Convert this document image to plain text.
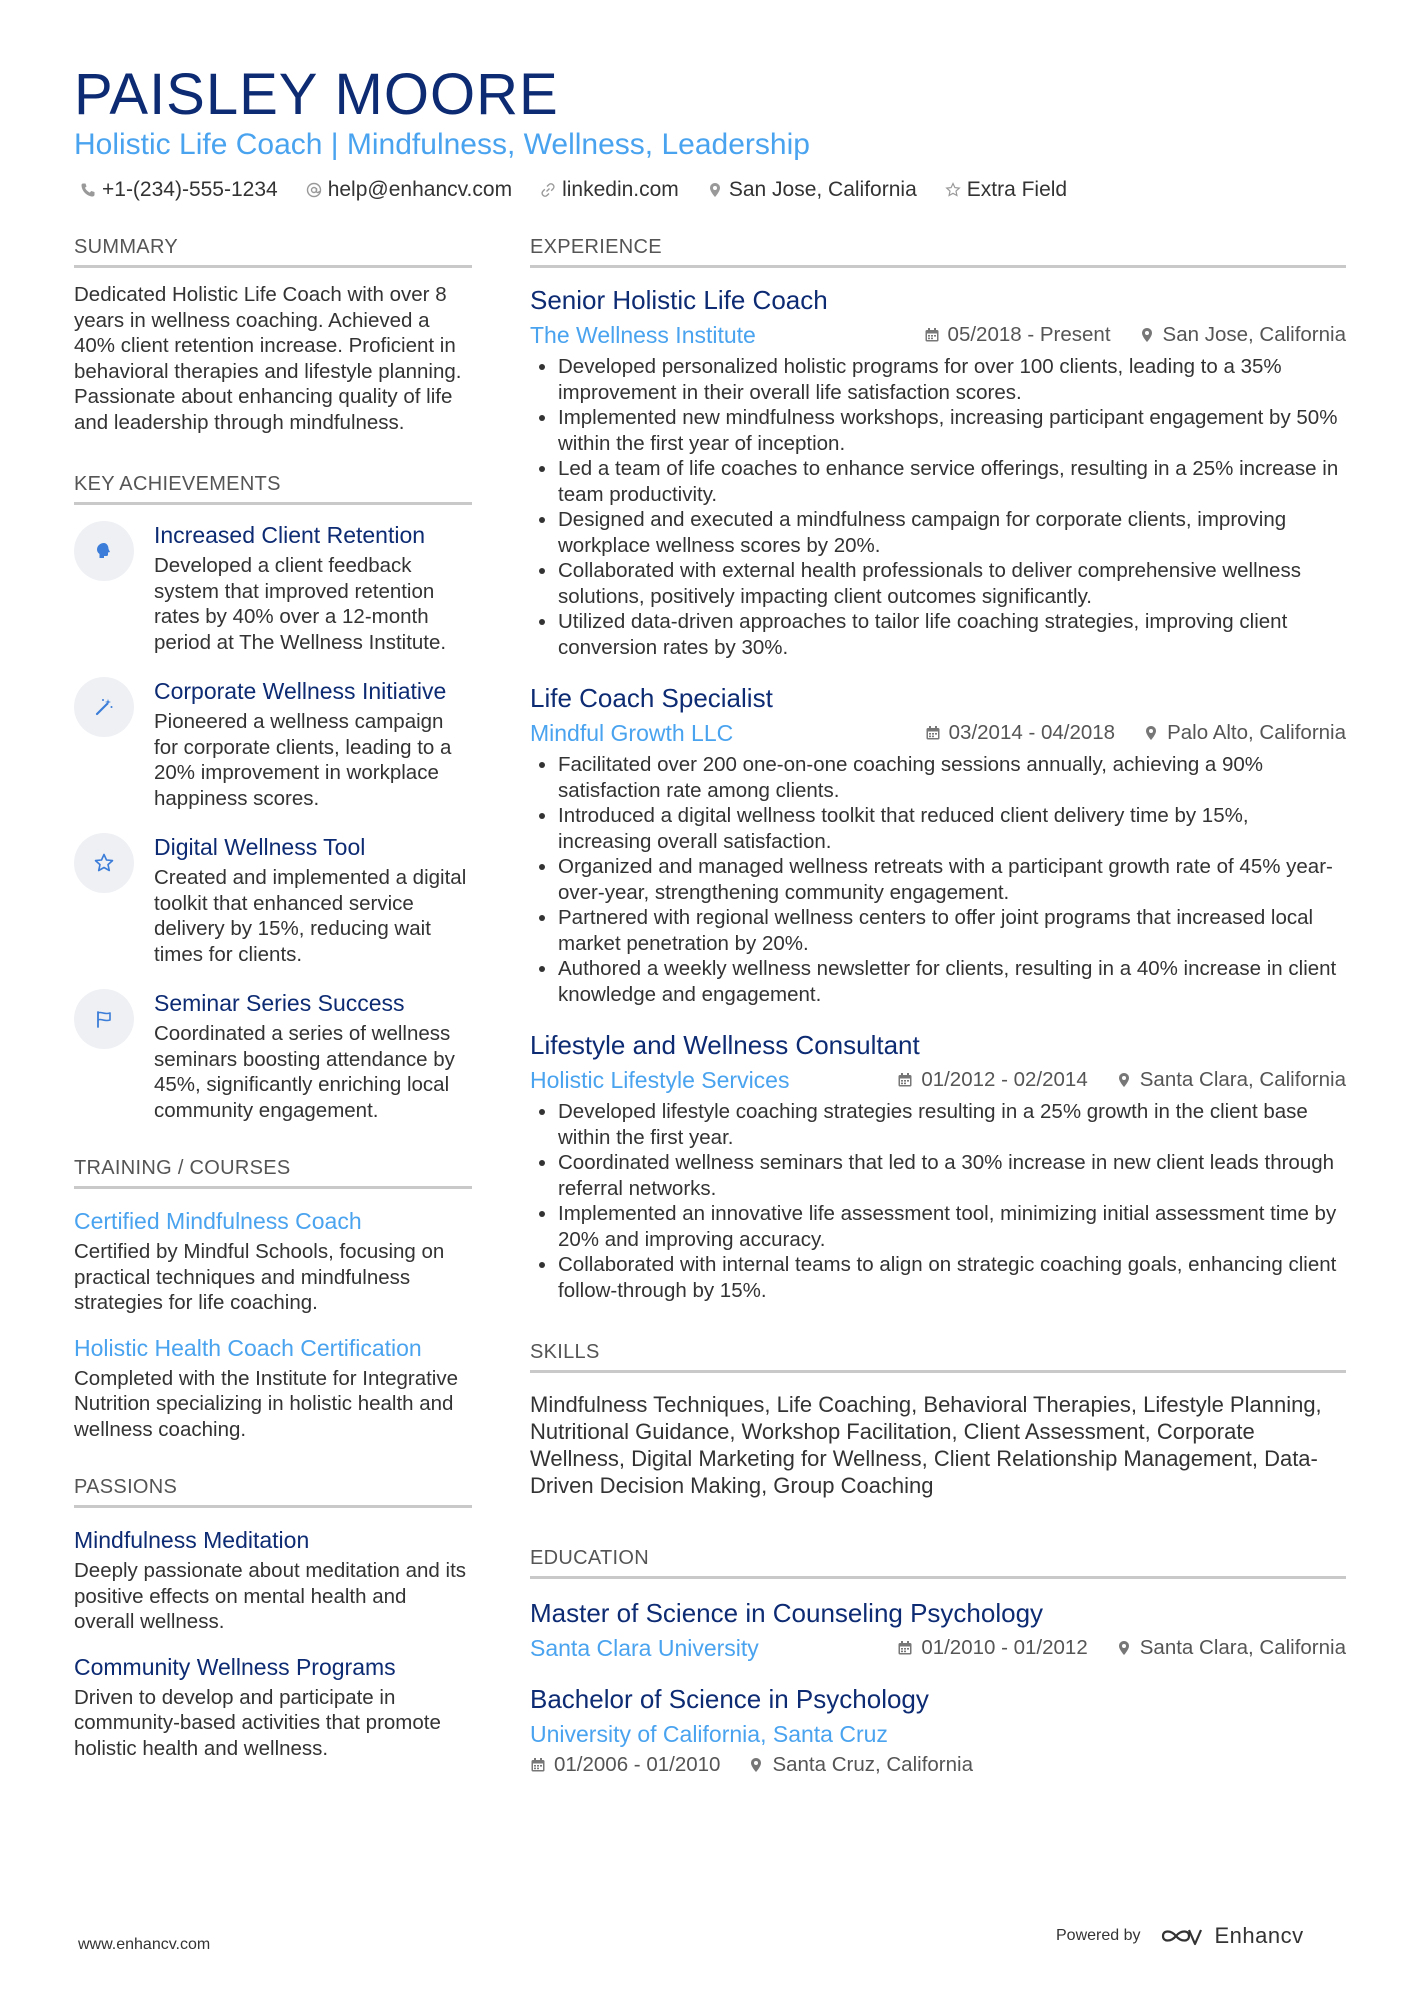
PAISLEY MOORE
Holistic Life Coach | Mindfulness, Wellness, Leadership
+1-(234)-555-1234 help@enhancv.com linkedin.com San Jose, California Extra Field
SUMMARY
Dedicated Holistic Life Coach with over 8 years in wellness coaching. Achieved a 40% client retention increase. Proficient in behavioral therapies and lifestyle planning. Passionate about enhancing quality of life and leadership through mindfulness.
KEY ACHIEVEMENTS
Increased Client Retention
Developed a client feedback system that improved retention rates by 40% over a 12-month period at The Wellness Institute.
Corporate Wellness Initiative
Pioneered a wellness campaign for corporate clients, leading to a 20% improvement in workplace happiness scores.
Digital Wellness Tool
Created and implemented a digital toolkit that enhanced service delivery by 15%, reducing wait times for clients.
Seminar Series Success
Coordinated a series of wellness seminars boosting attendance by 45%, significantly enriching local community engagement.
TRAINING / COURSES
Certified Mindfulness Coach
Certified by Mindful Schools, focusing on practical techniques and mindfulness strategies for life coaching.
Holistic Health Coach Certification
Completed with the Institute for Integrative Nutrition specializing in holistic health and wellness coaching.
PASSIONS
Mindfulness Meditation
Deeply passionate about meditation and its positive effects on mental health and overall wellness.
Community Wellness Programs
Driven to develop and participate in community-based activities that promote holistic health and wellness.
EXPERIENCE
Senior Holistic Life Coach
The Wellness Institute	05/2018 - Present	San Jose, California
• Developed personalized holistic programs for over 100 clients, leading to a 35% improvement in their overall life satisfaction scores.
• Implemented new mindfulness workshops, increasing participant engagement by 50% within the first year of inception.
• Led a team of life coaches to enhance service offerings, resulting in a 25% increase in team productivity.
• Designed and executed a mindfulness campaign for corporate clients, improving workplace wellness scores by 20%.
• Collaborated with external health professionals to deliver comprehensive wellness solutions, positively impacting client outcomes significantly.
• Utilized data-driven approaches to tailor life coaching strategies, improving client conversion rates by 30%.
Life Coach Specialist
Mindful Growth LLC	03/2014 - 04/2018	Palo Alto, California
• Facilitated over 200 one-on-one coaching sessions annually, achieving a 90% satisfaction rate among clients.
• Introduced a digital wellness toolkit that reduced client delivery time by 15%, increasing overall satisfaction.
• Organized and managed wellness retreats with a participant growth rate of 45% year-over-year, strengthening community engagement.
• Partnered with regional wellness centers to offer joint programs that increased local market penetration by 20%.
• Authored a weekly wellness newsletter for clients, resulting in a 40% increase in client knowledge and engagement.
Lifestyle and Wellness Consultant
Holistic Lifestyle Services	01/2012 - 02/2014	Santa Clara, California
• Developed lifestyle coaching strategies resulting in a 25% growth in the client base within the first year.
• Coordinated wellness seminars that led to a 30% increase in new client leads through referral networks.
• Implemented an innovative life assessment tool, minimizing initial assessment time by 20% and improving accuracy.
• Collaborated with internal teams to align on strategic coaching goals, enhancing client follow-through by 15%.
SKILLS
Mindfulness Techniques, Life Coaching, Behavioral Therapies, Lifestyle Planning, Nutritional Guidance, Workshop Facilitation, Client Assessment, Corporate Wellness, Digital Marketing for Wellness, Client Relationship Management, Data-Driven Decision Making, Group Coaching
EDUCATION
Master of Science in Counseling Psychology
Santa Clara University	01/2010 - 01/2012	Santa Clara, California
Bachelor of Science in Psychology
University of California, Santa Cruz
01/2006 - 01/2010	Santa Cruz, California
www.enhancv.com
Powered by	Enhancv
